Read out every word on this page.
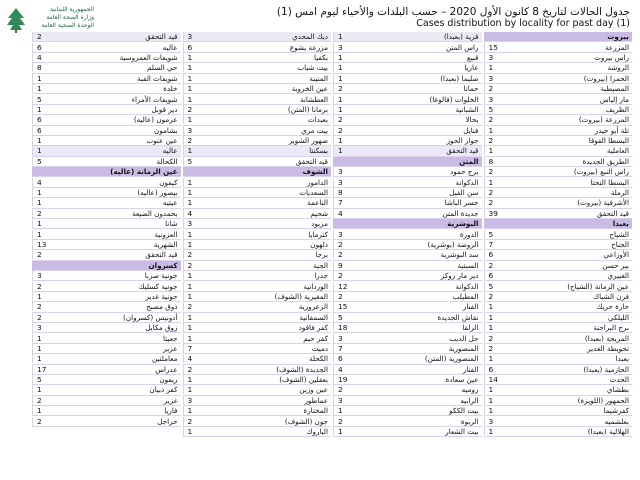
الجمهورية اللبنانية
وزارة الصحة العامة
الوحدة الصحية العامة
جدول الحالات لتاريخ 8 كانون الأول 2020 – حسب البلدات والأحياء ليوم امس (1)
Cases distribution by locality for past day (1)
بيروت
المزرعة
15
راس بيروت
3
الروشة
1
الحمرا (بيروت)
3
المصيطبة
2
مار إلياس
3
الظريف
5
المزرعة (بيروت)
2
تلة أبو حيدر
1
البسطا الفوقا
2
العاملية
1
الطريق الجديدة
8
راس النبع (بيروت)
2
البسطا التحتا
1
الرملة
2
الأشرفية (بيروت)
2
قيد التحقق
39
بعبدا
الشياح
5
الجناح
7
الأوزاعي
6
بير حسن
2
الغبيري
6
عين الرمانة (الشياح)
5
فرن الشباك
2
حارة حريك
1
الليلكي
1
برج البراجنة
1
المريجة (بعبدا)
2
تحويطة الغدير
2
بعبدا
1
الحازمية (بعبدا)
6
الحدث
14
بطشاي
1
الجمهور (اللويزة)
1
كفرشيما
1
بعلشميه
3
الهلالية (بعبدا)
1
قرية (بعبدا)
1
راس المتن
3
قبيع
1
عاريا
1
صليما (بعبدا)
1
حمانا
2
الخلوات (فالوغا)
1
الشبانية
1
بحالا
2
فنايل
2
جوار الحوز
1
قيد التحقق
1
المتن
برج حمود
3
الدكوانة
3
سن الفيل
8
جسر الباشا
7
جديدة المتن
4
البوشرية
الدورة
3
الروضة (بوشرية)
2
سد البوشرية
2
السبتية
9
دير مار روكز
2
الدكوانة
12
المطيلب
2
الفنار
15
نقاش الجديدة
5
الزلقا
18
جل الديب
3
المنصورية
7
المنصورية (المتن)
6
الفنار
4
عين سعادة
19
روميه
2
الرابيه
3
بيت الككو
1
الربوة
2
بيت الشعار
1
ديك المحدي
3
مزرعة يشوع
6
بكفيا
1
بيت شباب
1
المتينة
1
عين الخروبة
1
العطشانة
1
برمانا (المتن)
2
بعبدات
1
بيت مري
3
ضهور الشوير
2
بسكنتا
1
قيد التحقق
5
الشوف
الدامور
1
السعديات
1
الناعمة
1
شحيم
4
مزبود
3
كترمايا
1
دلهون
1
برجا
2
الجية
2
جدرا
1
الوردانية
1
المغيرية (الشوف)
1
الزعرورية
2
السمقانية
1
كفر فاقود
1
كفر حيم
1
دميت
7
الكحلة
4
الجديدة (الشوف)
2
بعقلين (الشوف)
1
عين وزين
1
عماطور
3
المختارة
1
جون (الشوف)
2
الباروك
1
قيد التحقق
2
عاليه
6
شويفات العمروسية
4
حي السلم
8
شويفات القبة
1
خلدة
1
شويفات الأمراء
5
دير قوبل
1
عرمون (عاليه)
6
بشامون
6
عين عنوب
1
عاليه
1
الكحالة
5
عين الرمانة (عاليه)
كيفون
4
بيصور (عاليه)
1
عيتيه
1
بحمدون الضيعة
2
شانا
1
العزونية
1
الشهرية
13
قيد التحقق
2
كسروان
جونية صربا
3
جونية كسليك
2
جونية غدير
1
ذوق مصبح
2
أدونيس (كسروان)
2
زوق مكايل
3
جعيتا
1
عزير
1
معاملتين
1
عدراس
17
ريفون
5
كفر ذبيان
1
غزير
2
فاريا
1
حراجل
2
